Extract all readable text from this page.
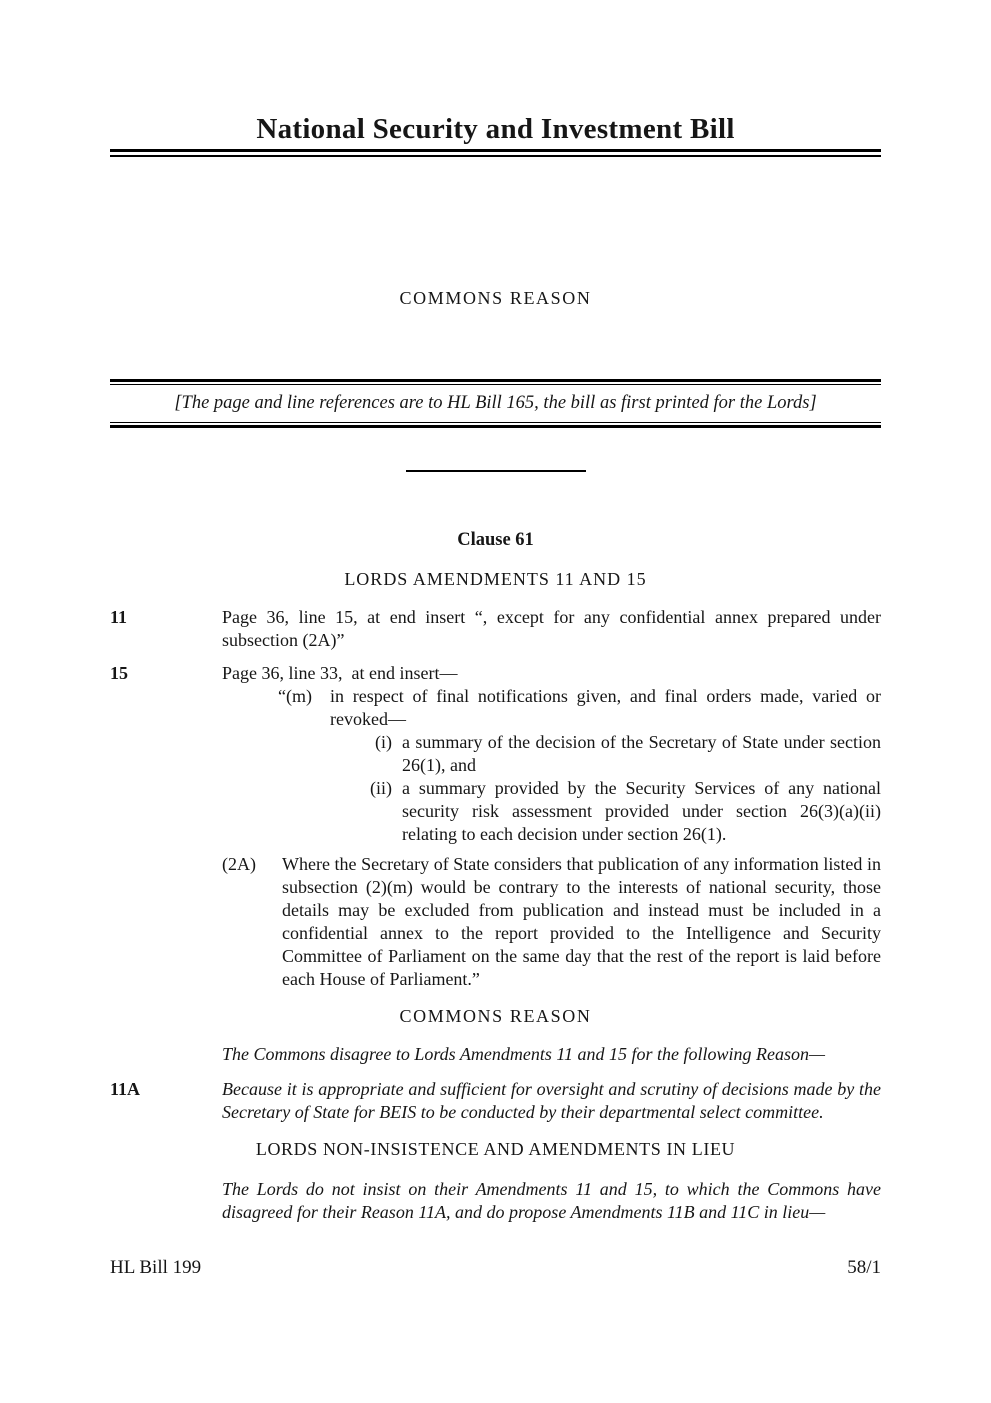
National Security and Investment Bill
COMMONS REASON
[The page and line references are to HL Bill 165, the bill as first printed for the Lords]
Clause 61
LORDS AMENDMENTS 11 AND 15
11	Page 36, line 15, at end insert “, except for any confidential annex prepared under subsection (2A)”
15	Page 36, line 33,  at end insert—
“(m)	in respect of final notifications given, and final orders made, varied or revoked—
(i) a summary of the decision of the Secretary of State under section 26(1), and
(ii) a summary provided by the Security Services of any national security risk assessment provided under section 26(3)(a)(ii) relating to each decision under section 26(1).
(2A)	Where the Secretary of State considers that publication of any information listed in subsection (2)(m) would be contrary to the interests of national security, those details may be excluded from publication and instead must be included in a confidential annex to the report provided to the Intelligence and Security Committee of Parliament on the same day that the rest of the report is laid before each House of Parliament.”
COMMONS REASON
The Commons disagree to Lords Amendments 11 and 15 for the following Reason—
11A	Because it is appropriate and sufficient for oversight and scrutiny of decisions made by the Secretary of State for BEIS to be conducted by their departmental select committee.
LORDS NON-INSISTENCE AND AMENDMENTS IN LIEU
The Lords do not insist on their Amendments 11 and 15, to which the Commons have disagreed for their Reason 11A, and do propose Amendments 11B and 11C in lieu—
HL Bill 199	58/1
